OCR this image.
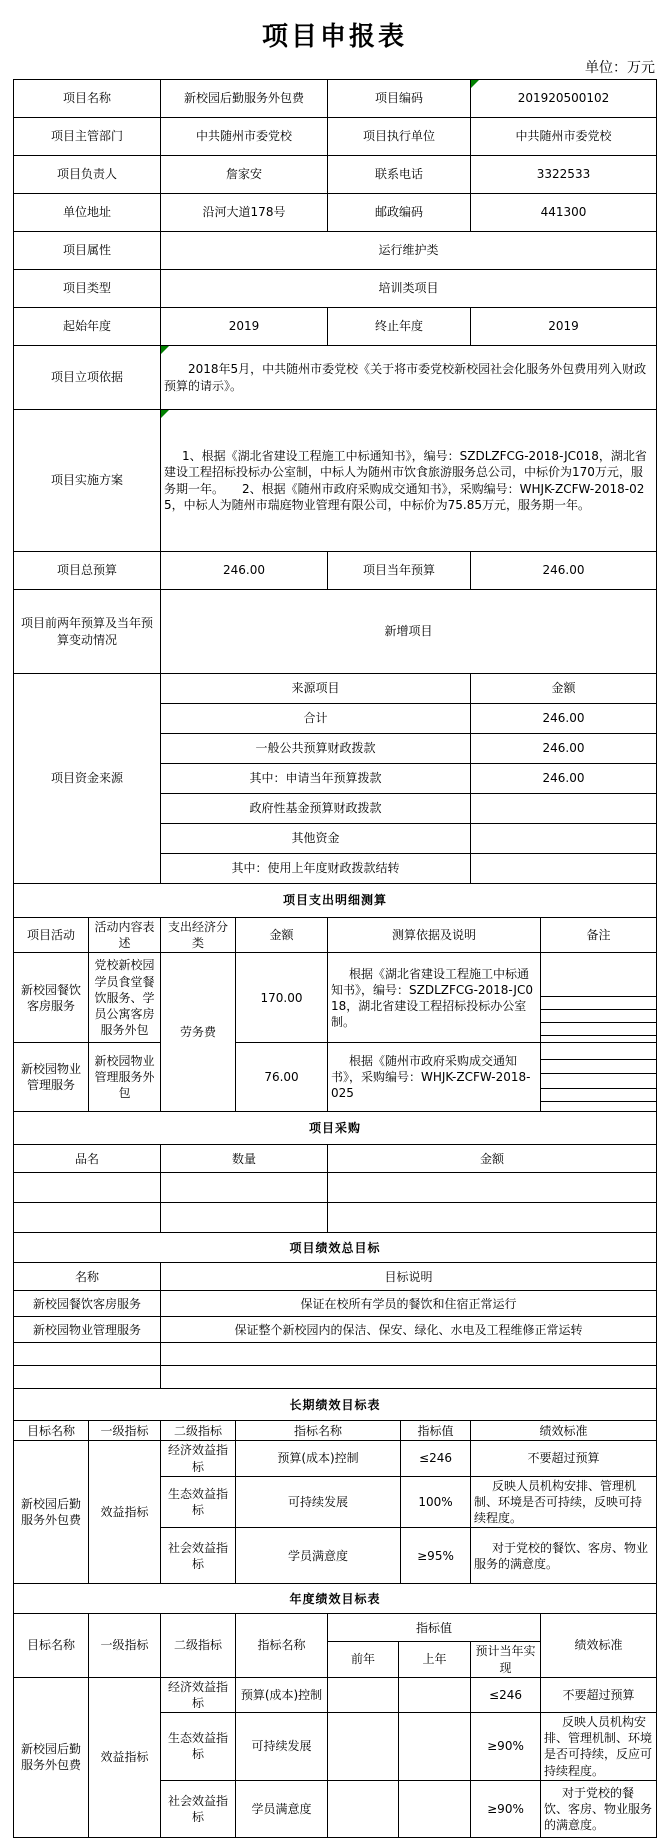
项目申报表
单位：万元
项目名称	新校园后勤服务外包费	项目编码	201920500102
项目主管部门	中共随州市委党校	项目执行单位	中共随州市委党校
项目负责人	詹家安	联系电话	3322533
单位地址	沿河大道178号	邮政编码	441300
项目属性	运行维护类		
项目类型	培训类项目		
起始年度	2019	终止年度	2019
项目立项依据	2018年5月，中共随州市委党校《关于将市委党校新校园社会化服务外包费用列入财政预算的请示》。		

项目实施方案	1、根据《湖北省建设工程施工中标通知书》，编号：SZDLZFCG-2018-JC018，湖北省建设工程招标投标办公室制，中标人为随州市饮食旅游服务总公司，中标价为170万元，服务期一年。　　2、根据《随州市政府采购成交通知书》，采购编号：WHJK-ZCFW-2018-025，中标人为随州市瑞庭物业管理有限公司，中标价为75.85万元，服务期一年。		

项目总预算	246.00	项目当年预算	246.00
项目前两年预算及当年预算变动情况	新增项目		
项目资金来源	来源项目	金额
	合计	246.00
	一般公共预算财政拨款	246.00
	其中：申请当年预算拨款	246.00
	政府性基金预算财政拨款	
	其他资金	
	其中：使用上年度财政拨款结转	
项目支出明细测算					
项目活动	活动内容表述	支出经济分类	金额	测算依据及说明	备注
新校园餐饮客房服务	党校新校园学员食堂餐饮服务、学员公寓客房服务外包	劳务费	170.00	根据《湖北省建设工程施工中标通知书》，编号：SZDLZFCG-2018-JC018，湖北省建设工程招标投标办公室制。	

新校园物业管理服务	新校园物业管理服务外包		76.00	根据《随州市政府采购成交通知书》，采购编号：WHJK-ZCFW-2018-025	

项目采购		
品名	数量	金额

项目绩效总目标	
名称	目标说明
新校园餐饮客房服务	保证在校所有学员的餐饮和住宿正常运行
新校园物业管理服务	保证整个新校园内的保洁、保安、绿化、水电及工程维修正常运转

长期绩效目标表					
目标名称	一级指标	二级指标	指标名称	指标值	绩效标准
新校园后勤服务外包费	效益指标	经济效益指标	预算(成本)控制	≤246	不要超过预算
		生态效益指标	可持续发展	100%	反映人员机构安排、管理机制、环境是否可持续，反映可持续程度。

		社会效益指标	学员满意度	≥95%	对于党校的餐饮、客房、物业服务的满意度。

年度绩效目标表							
目标名称	一级指标	二级指标	指标名称	指标值			绩效标准
				前年	上年	预计当年实现	
新校园后勤服务外包费	效益指标	经济效益指标	预算(成本)控制			≤246	不要超过预算
		生态效益指标	可持续发展			≥90%	反映人员机构安排、管理机制、环境是否可持续，反应可持续程度。

		社会效益指标	学员满意度			≥90%	对于党校的餐饮、客房、物业服务的满意度。
